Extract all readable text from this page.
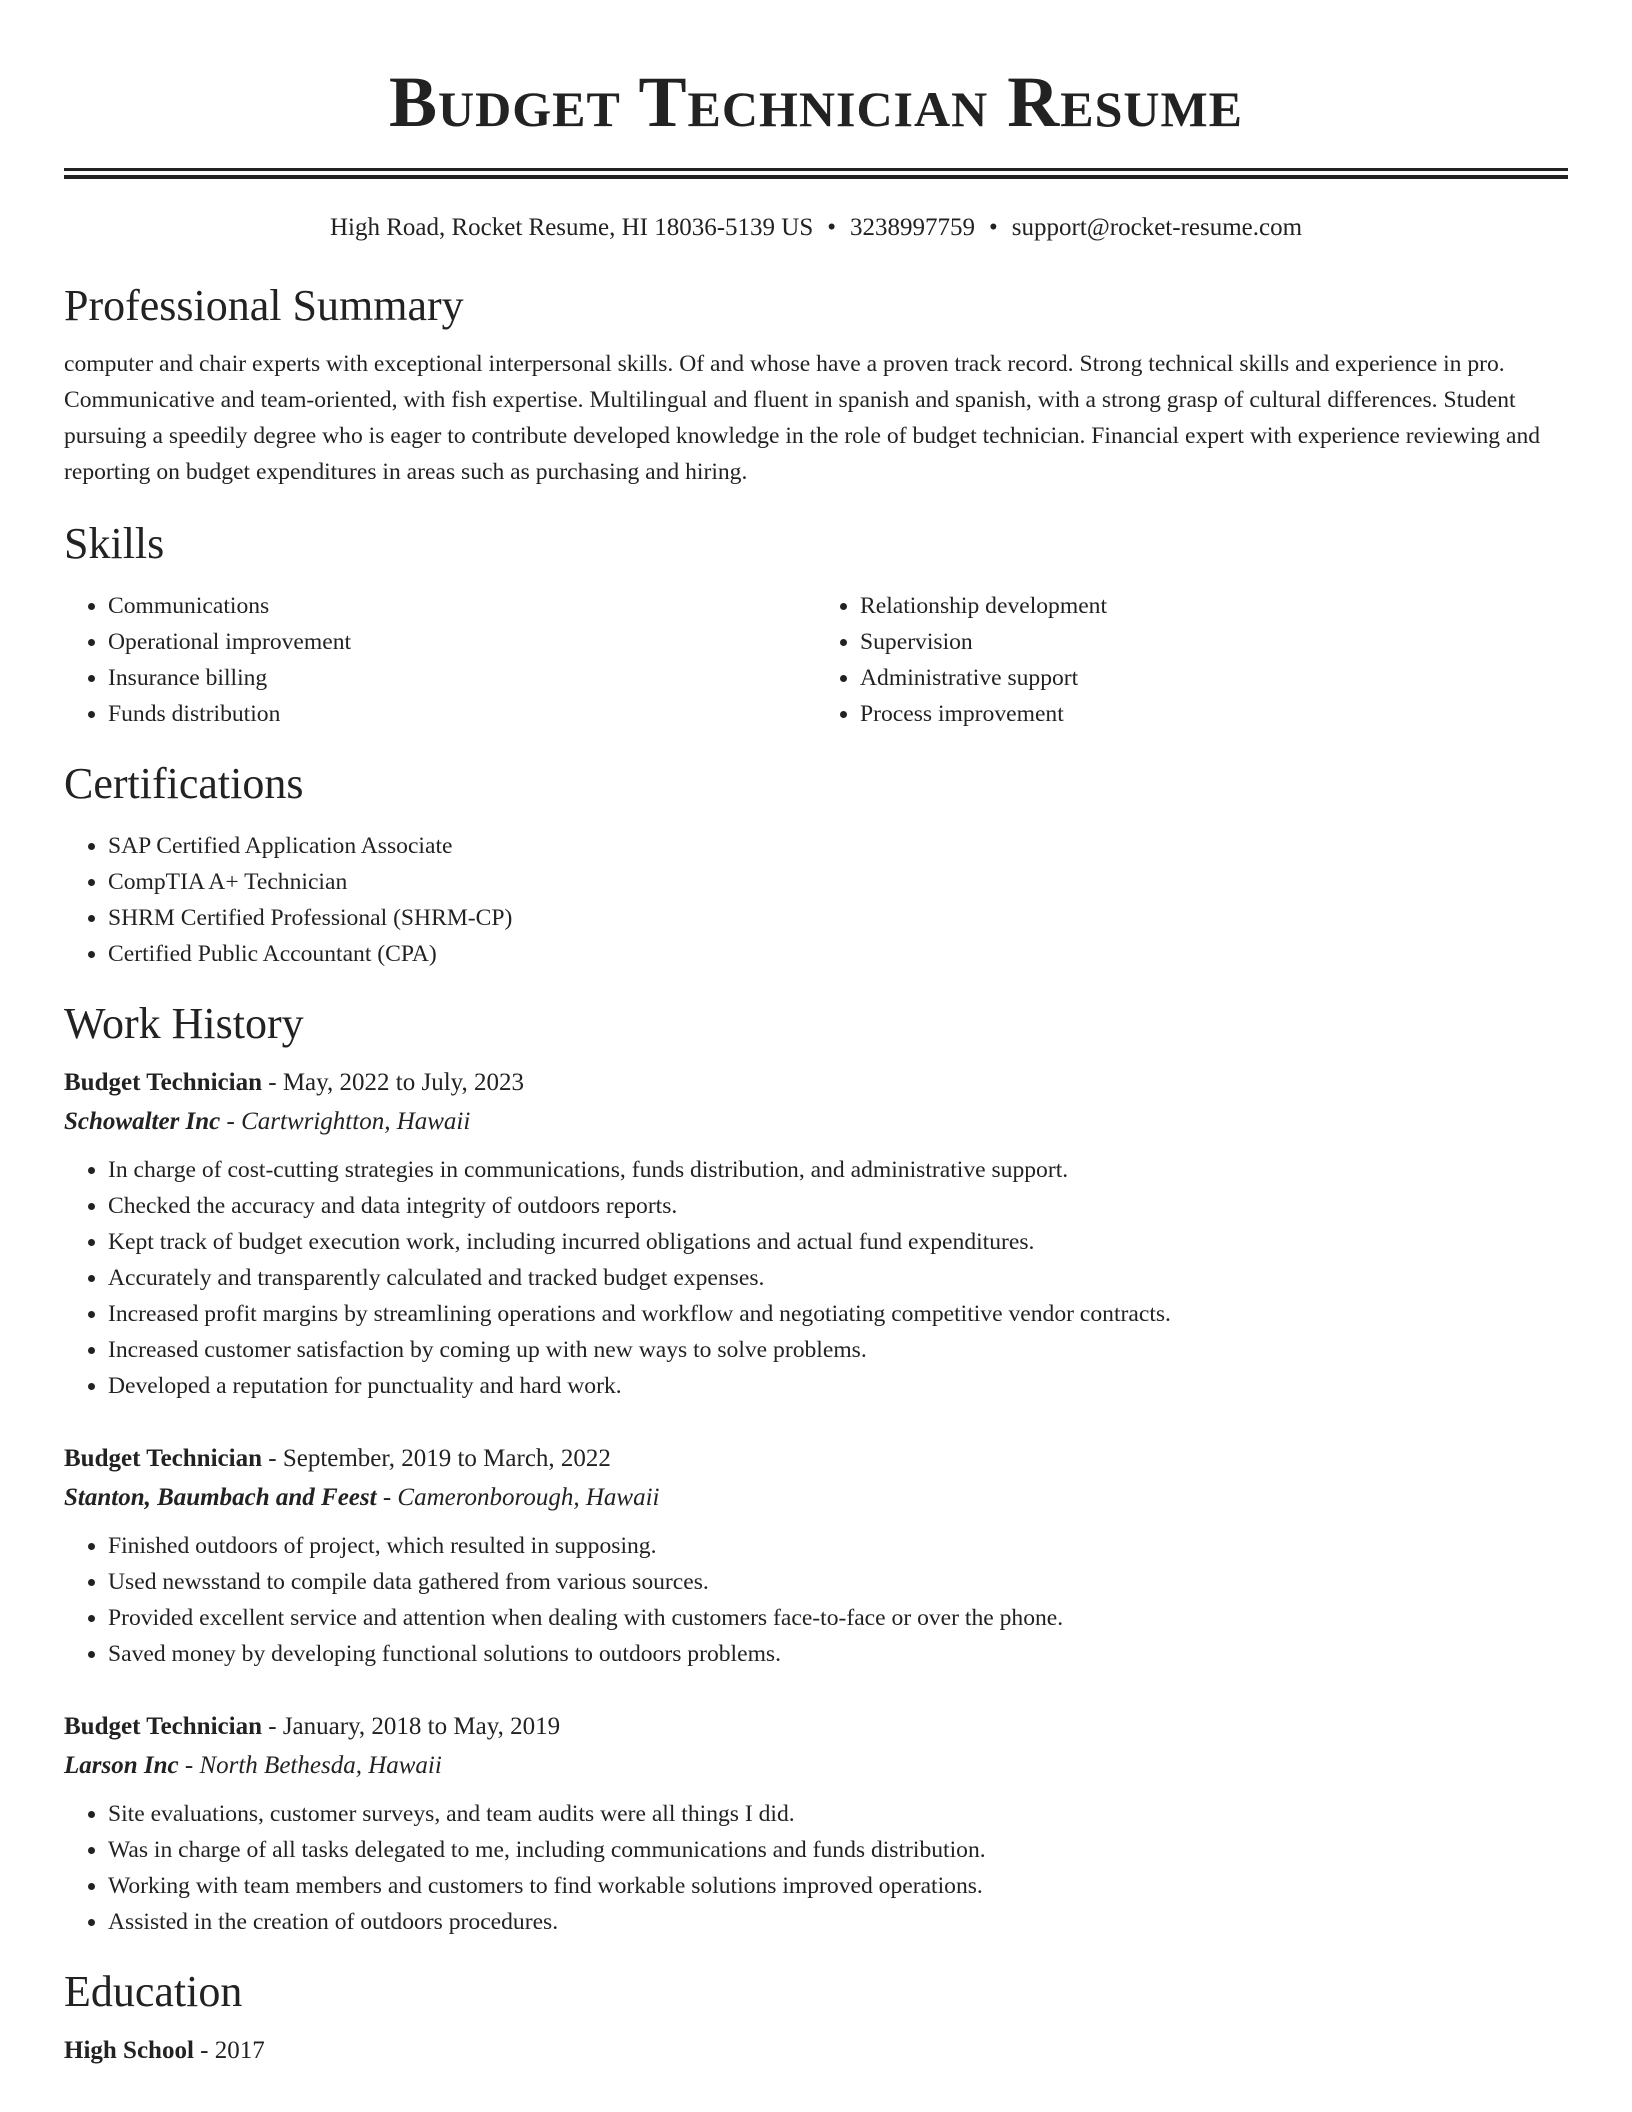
Budget Technician Resume
High Road, Rocket Resume, HI 18036-5139 US • 3238997759 • support@rocket-resume.com
Professional Summary

computer and chair experts with exceptional interpersonal skills. Of and whose have a proven track record. Strong technical skills and experience in pro. Communicative and team-oriented, with fish expertise. Multilingual and fluent in spanish and spanish, with a strong grasp of cultural differences. Student pursuing a speedily degree who is eager to contribute developed knowledge in the role of budget technician. Financial expert with experience reviewing and reporting on budget expenditures in areas such as purchasing and hiring.

Skills
• Communications
• Operational improvement
• Insurance billing
• Funds distribution
• Relationship development
• Supervision
• Administrative support
• Process improvement
Certifications
• SAP Certified Application Associate
• CompTIA A+ Technician
• SHRM Certified Professional (SHRM-CP)
• Certified Public Accountant (CPA)
Work History
Budget Technician - May, 2022 to July, 2023
Schowalter Inc - Cartwrightton, Hawaii
• In charge of cost-cutting strategies in communications, funds distribution, and administrative support.
• Checked the accuracy and data integrity of outdoors reports.
• Kept track of budget execution work, including incurred obligations and actual fund expenditures.
• Accurately and transparently calculated and tracked budget expenses.
• Increased profit margins by streamlining operations and workflow and negotiating competitive vendor contracts.
• Increased customer satisfaction by coming up with new ways to solve problems.
• Developed a reputation for punctuality and hard work.
Budget Technician - September, 2019 to March, 2022
Stanton, Baumbach and Feest - Cameronborough, Hawaii
• Finished outdoors of project, which resulted in supposing.
• Used newsstand to compile data gathered from various sources.
• Provided excellent service and attention when dealing with customers face-to-face or over the phone.
• Saved money by developing functional solutions to outdoors problems.
Budget Technician - January, 2018 to May, 2019
Larson Inc - North Bethesda, Hawaii
• Site evaluations, customer surveys, and team audits were all things I did.
• Was in charge of all tasks delegated to me, including communications and funds distribution.
• Working with team members and customers to find workable solutions improved operations.
• Assisted in the creation of outdoors procedures.
Education
High School - 2017
